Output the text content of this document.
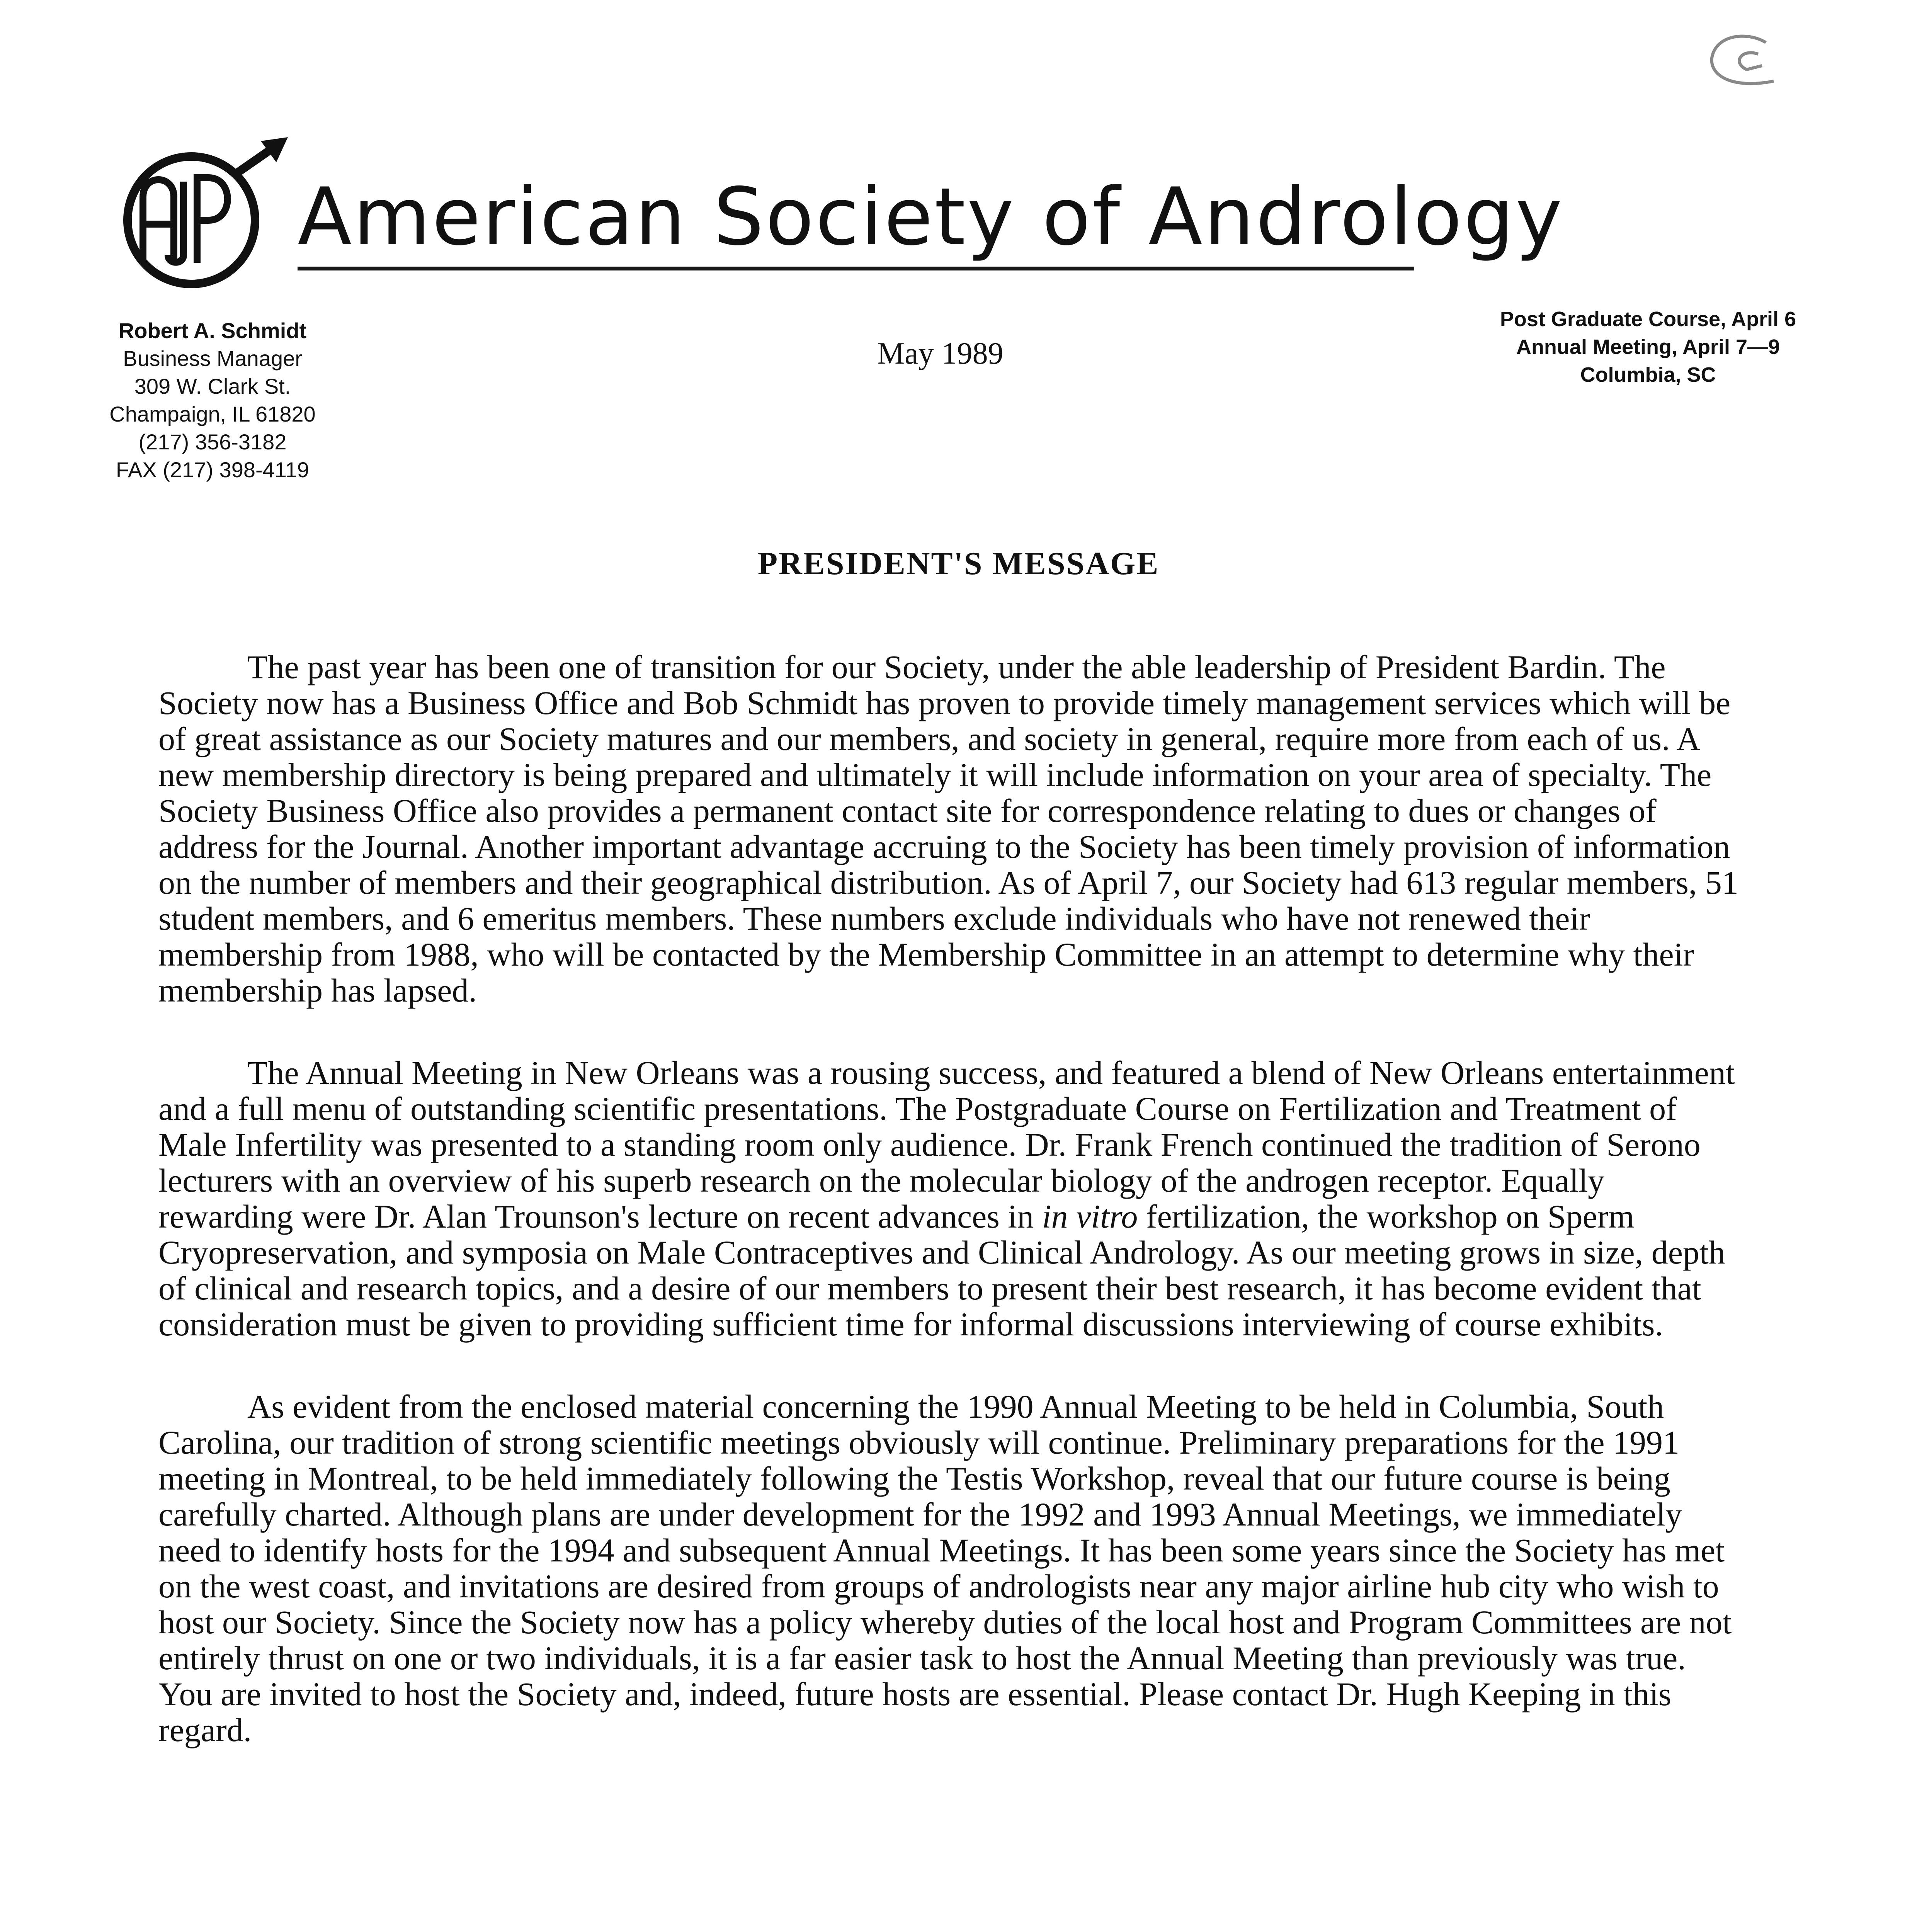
C
American Society of Andrology
Robert A. Schmidt
Business Manager
309 W. Clark St.
Champaign, IL 61820
(217) 356-3182
FAX (217) 398-4119
May 1989
Post Graduate Course, April 6
Annual Meeting, April 7—9
Columbia, SC
PRESIDENT'S MESSAGE

The past year has been one of transition for our Society, under the able leadership of President Bardin. The Society now has a Business Office and Bob Schmidt has proven to provide timely management services which will be of great assistance as our Society matures and our members, and society in general, require more from each of us. A new membership directory is being prepared and ultimately it will include information on your area of specialty. The Society Business Office also provides a permanent contact site for correspondence relating to dues or changes of address for the Journal. Another important advantage accruing to the Society has been timely provision of information on the number of members and their geographical distribution. As of April 7, our Society had 613 regular members, 51 student members, and 6 emeritus members. These numbers exclude individuals who have not renewed their membership from 1988, who will be contacted by the Membership Committee in an attempt to determine why their membership has lapsed.

The Annual Meeting in New Orleans was a rousing success, and featured a blend of New Orleans entertainment and a full menu of outstanding scientific presentations. The Postgraduate Course on Fertilization and Treatment of Male Infertility was presented to a standing room only audience. Dr. Frank French continued the tradition of Serono lecturers with an overview of his superb research on the molecular biology of the androgen receptor. Equally rewarding were Dr. Alan Trounson's lecture on recent advances in in vitro fertilization, the workshop on Sperm Cryopreservation, and symposia on Male Contraceptives and Clinical Andrology. As our meeting grows in size, depth of clinical and research topics, and a desire of our members to present their best research, it has become evident that consideration must be given to providing sufficient time for informal discussions interviewing of course exhibits.

As evident from the enclosed material concerning the 1990 Annual Meeting to be held in Columbia, South Carolina, our tradition of strong scientific meetings obviously will continue. Preliminary preparations for the 1991 meeting in Montreal, to be held immediately following the Testis Workshop, reveal that our future course is being carefully charted. Although plans are under development for the 1992 and 1993 Annual Meetings, we immediately need to identify hosts for the 1994 and subsequent Annual Meetings. It has been some years since the Society has met on the west coast, and invitations are desired from groups of andrologists near any major airline hub city who wish to host our Society. Since the Society now has a policy whereby duties of the local host and Program Committees are not entirely thrust on one or two individuals, it is a far easier task to host the Annual Meeting than previously was true. You are invited to host the Society and, indeed, future hosts are essential. Please contact Dr. Hugh Keeping in this regard.
